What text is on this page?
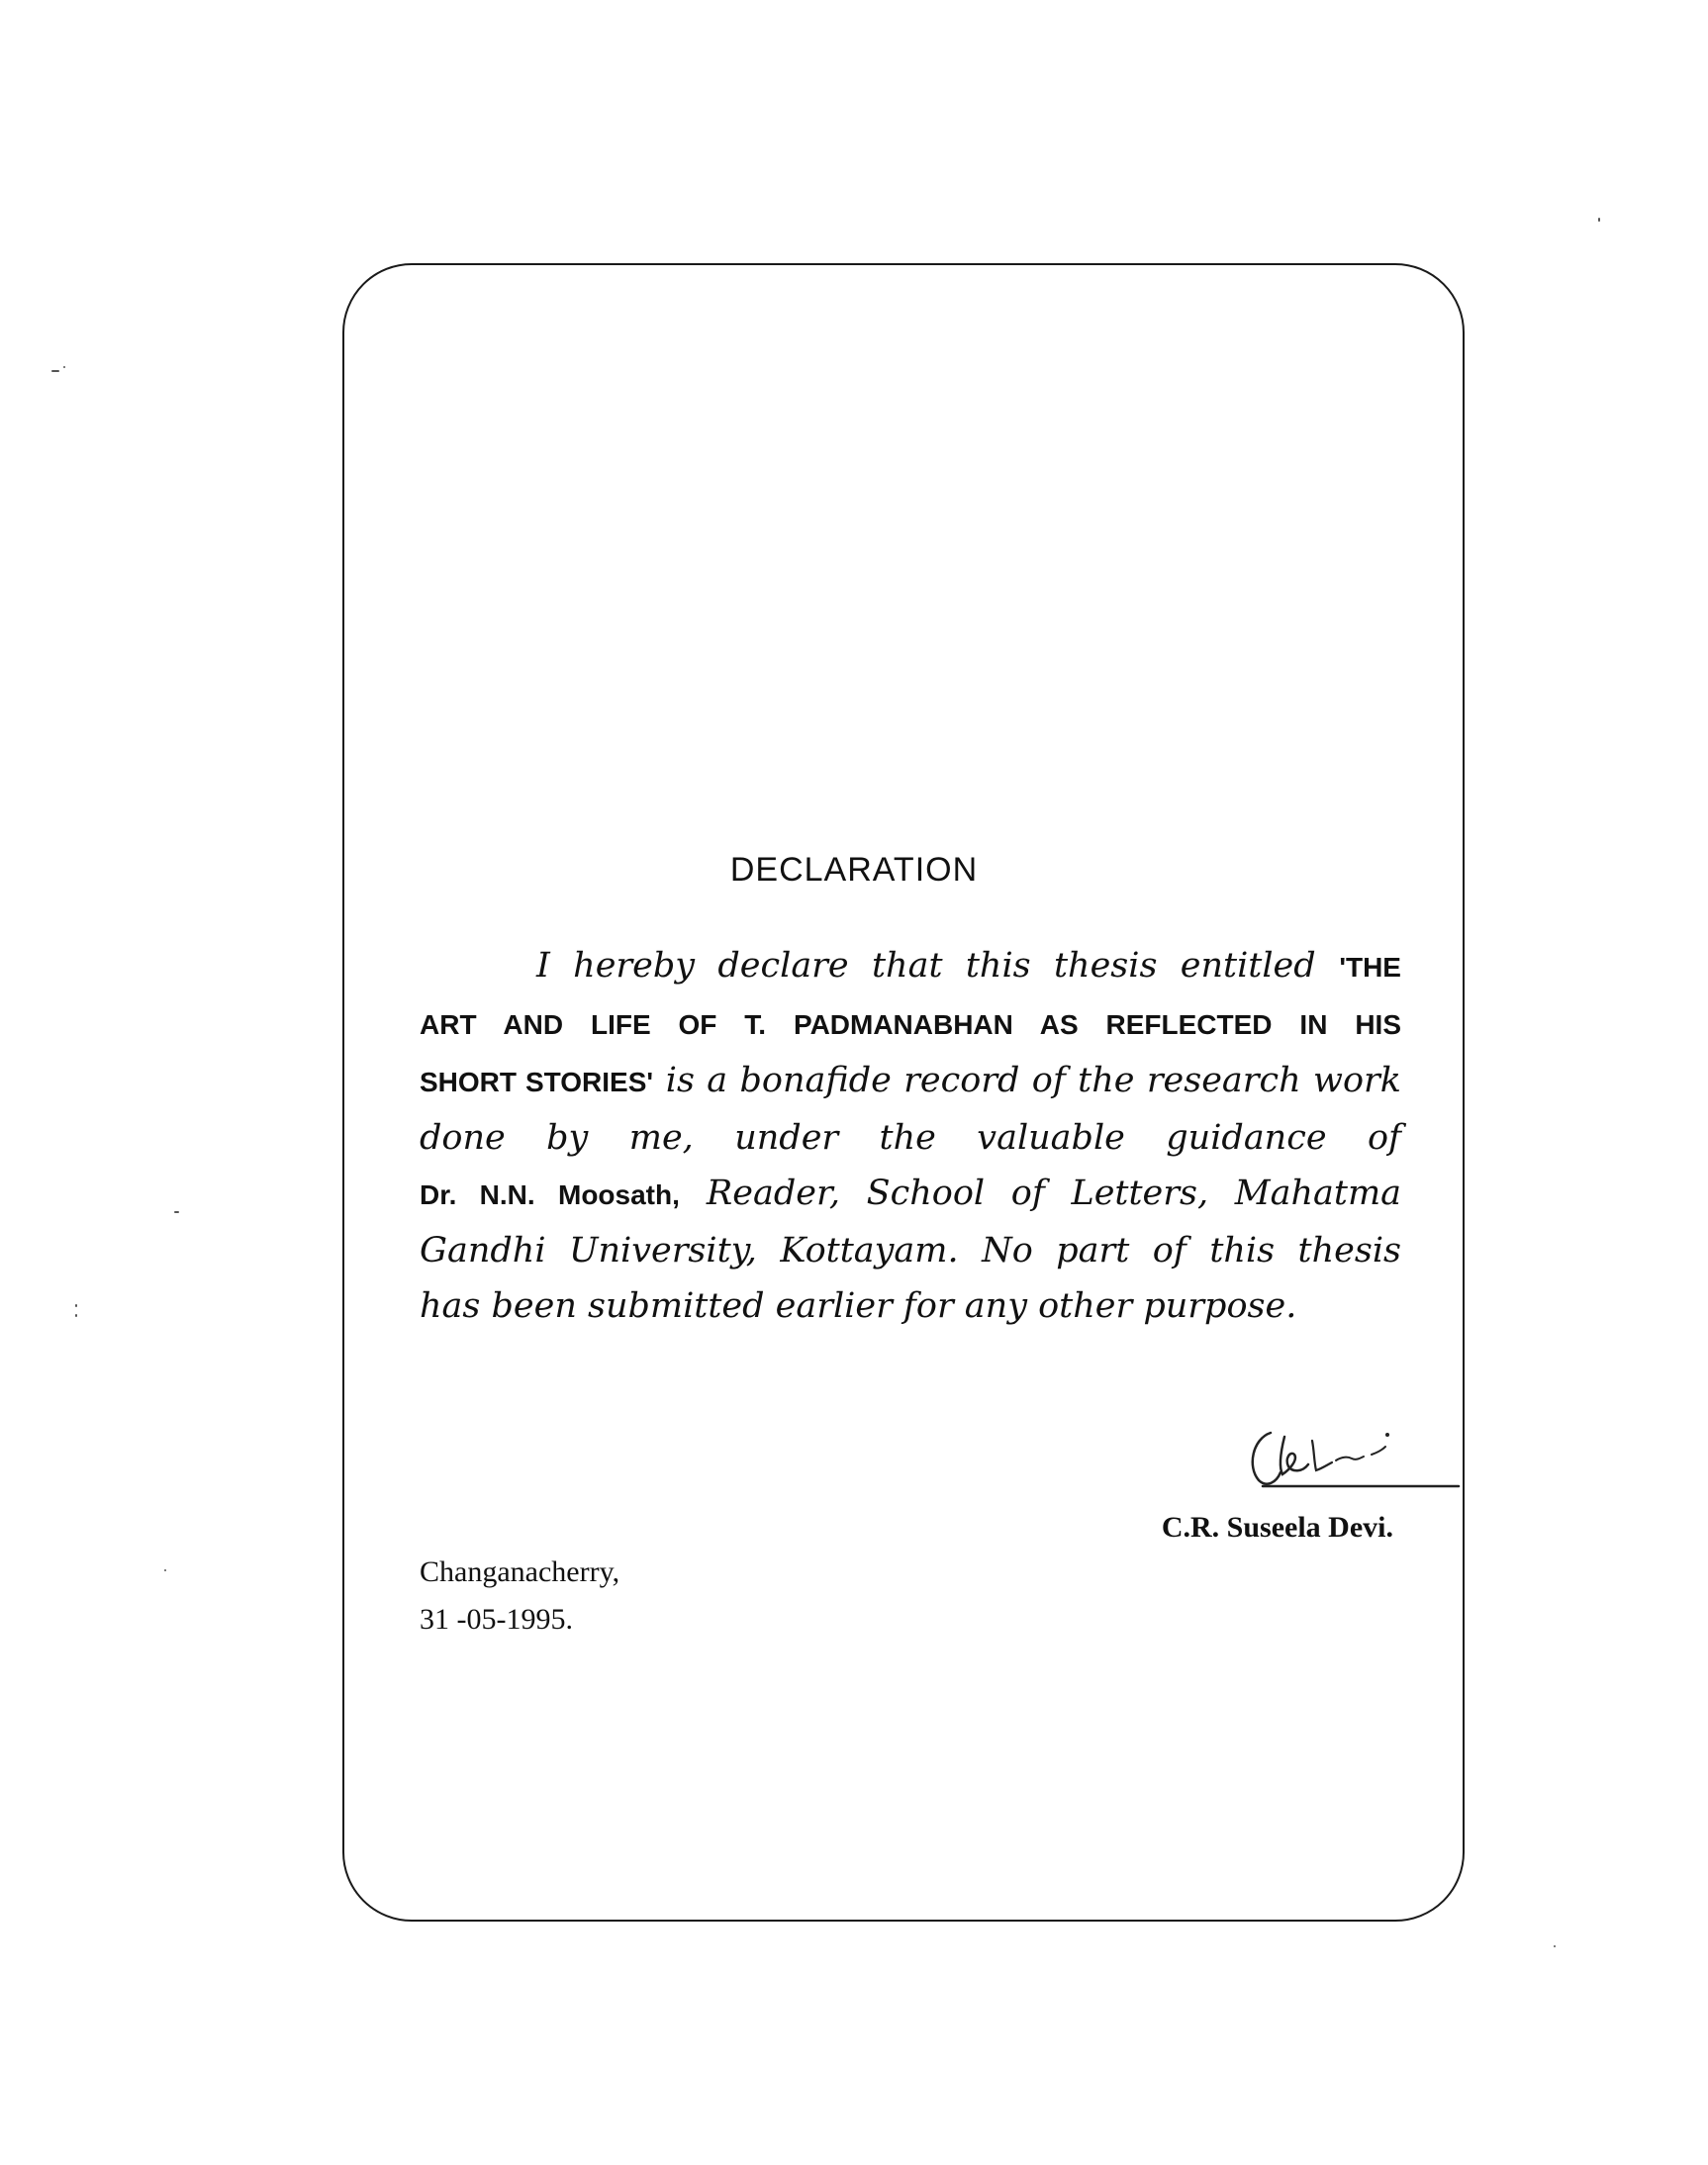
DECLARATION
I hereby declare that this thesis entitled 'THE
ART AND LIFE OF T. PADMANABHAN AS REFLECTED IN HIS
SHORT STORIES' is a bonafide record of the research work
done by me, under the valuable guidance of
Dr. N.N. Moosath, Reader, School of Letters, Mahatma
Gandhi University, Kottayam. No part of this thesis
has been submitted earlier for any other purpose.
C.R. Suseela Devi.
Changanacherry,
31 -05-1995.
